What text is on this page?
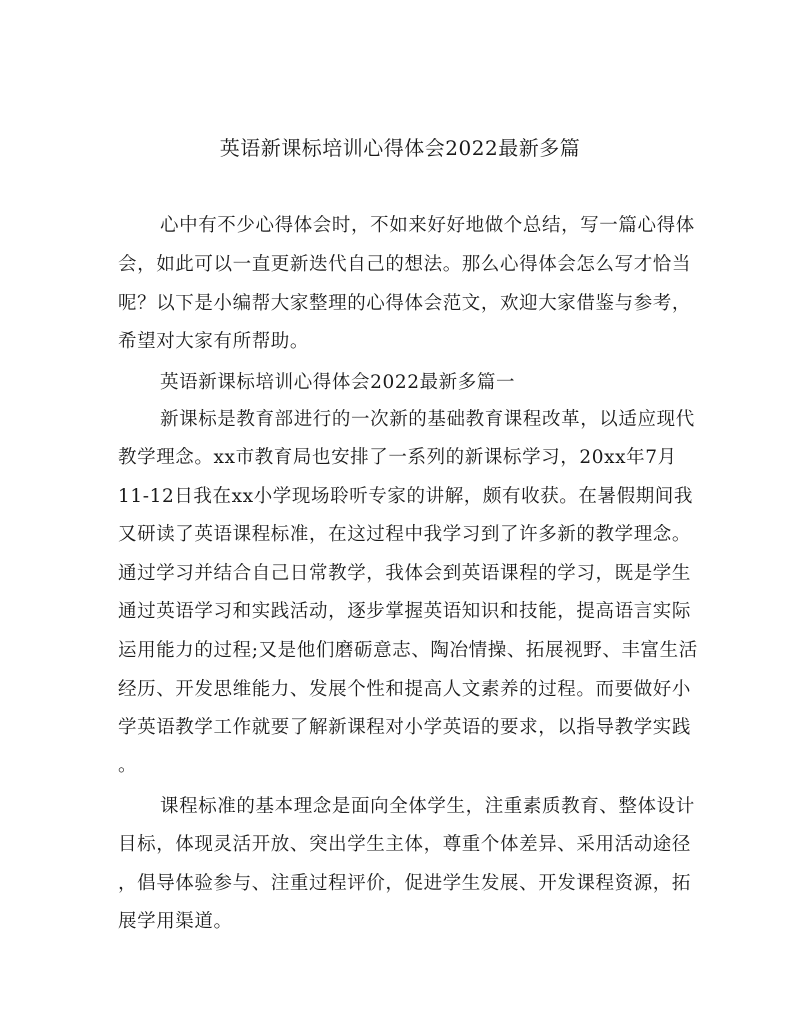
英语新课标培训心得体会2022最新多篇
心中有不少心得体会时，不如来好好地做个总结，写一篇心得体
会，如此可以一直更新迭代自己的想法。那么心得体会怎么写才恰当
呢？以下是小编帮大家整理的心得体会范文，欢迎大家借鉴与参考，
希望对大家有所帮助。
英语新课标培训心得体会2022最新多篇一
新课标是教育部进行的一次新的基础教育课程改革，以适应现代
教学理念。xx市教育局也安排了一系列的新课标学习，20xx年7月
11-12日我在xx小学现场聆听专家的讲解，颇有收获。在暑假期间我
又研读了英语课程标准，在这过程中我学习到了许多新的教学理念。
通过学习并结合自己日常教学，我体会到英语课程的学习，既是学生
通过英语学习和实践活动，逐步掌握英语知识和技能，提高语言实际
运用能力的过程;又是他们磨砺意志、陶冶情操、拓展视野、丰富生活
经历、开发思维能力、发展个性和提高人文素养的过程。而要做好小
学英语教学工作就要了解新课程对小学英语的要求，以指导教学实践
。
课程标准的基本理念是面向全体学生，注重素质教育、整体设计
目标，体现灵活开放、突出学生主体，尊重个体差异、采用活动途径
，倡导体验参与、注重过程评价，促进学生发展、开发课程资源，拓
展学用渠道。
